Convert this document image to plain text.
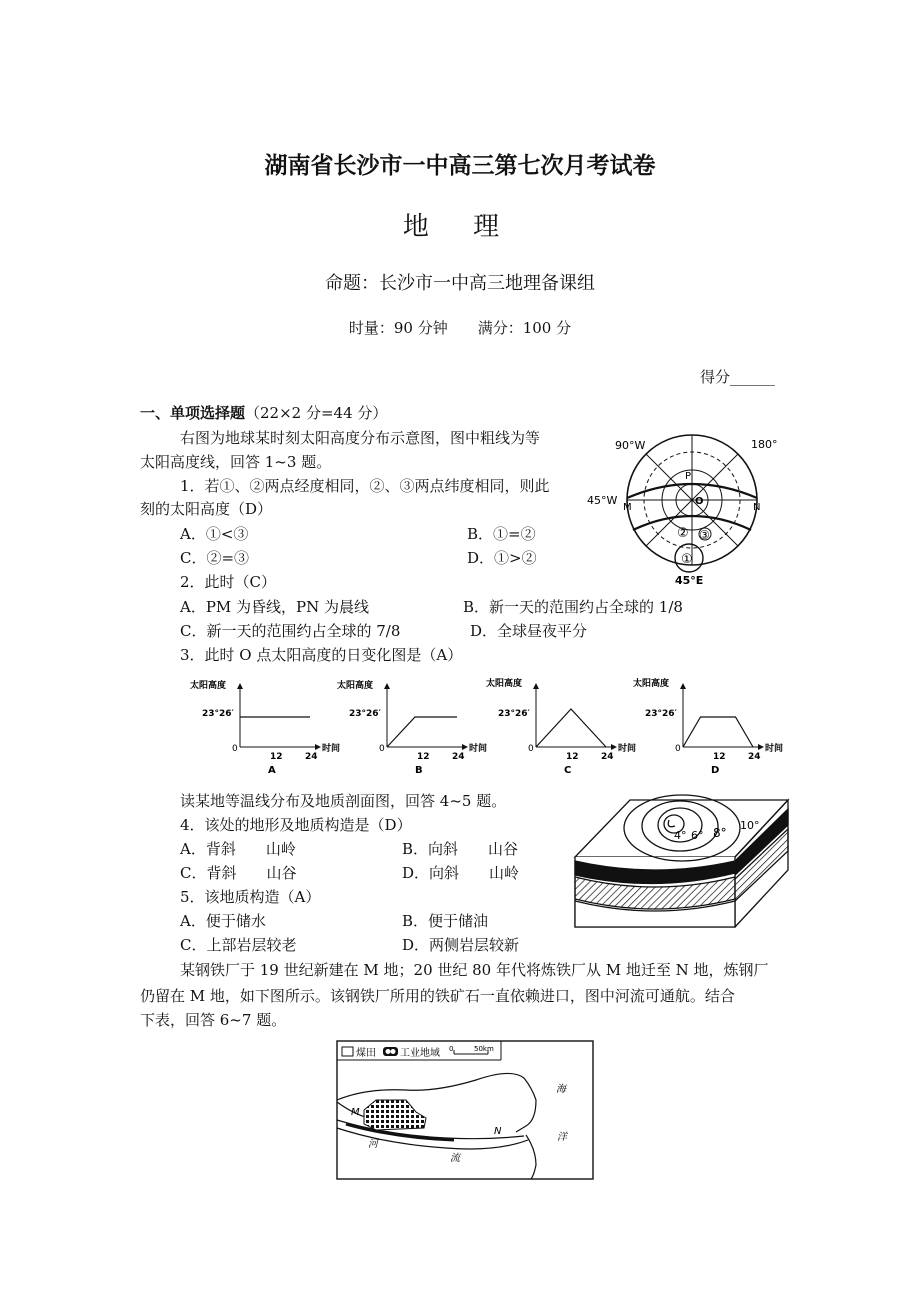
湖南省长沙市一中高三第七次月考试卷
地 理
命题：长沙市一中高三地理备课组
时量：90 分钟　　满分：100 分
得分______
一、单项选择题（22×2 分=44 分）
右图为地球某时刻太阳高度分布示意图，图中粗线为等
太阳高度线，回答 1~3 题。
1．若①、②两点经度相同，②、③两点纬度相同，则此
刻的太阳高度（D）
A．①<③	B．①=②
C．②=③	D．①>②
2．此时（C）
A．PM 为昏线，PN 为晨线	B．新一天的范围约占全球的 1/8
C．新一天的范围约占全球的 7/8	D．全球昼夜平分
3．此时 O 点太阳高度的日变化图是（A）
读某地等温线分布及地质剖面图，回答 4~5 题。
4．该处的地形及地质构造是（D）
A．背斜　　山岭	B．向斜　　山谷
C．背斜　　山谷	D．向斜　　山岭
5．该地质构造（A）
A．便于储水	B．便于储油
C．上部岩层较老	D．两侧岩层较新
某钢铁厂于 19 世纪新建在 M 地；20 世纪 80 年代将炼铁厂从 M 地迁至 N 地，炼钢厂
仍留在 M 地，如下图所示。该钢铁厂所用的铁矿石一直依赖进口，图中河流可通航。结合
下表，回答 6~7 题。
90°W	180°
45°W
45°E
M	N
P
O
①
② ③
太阳高度
时间
0
12 24
23°26′
A
太阳高度
时间
0
12 24
23°26′
B
太阳高度
时间
0
12 24
23°26′
C
太阳高度
时间
0
12 24
23°26′
D
4° 6° 8°
10°
煤田 工业地域 0	50km
M
N
河
流
海
洋
